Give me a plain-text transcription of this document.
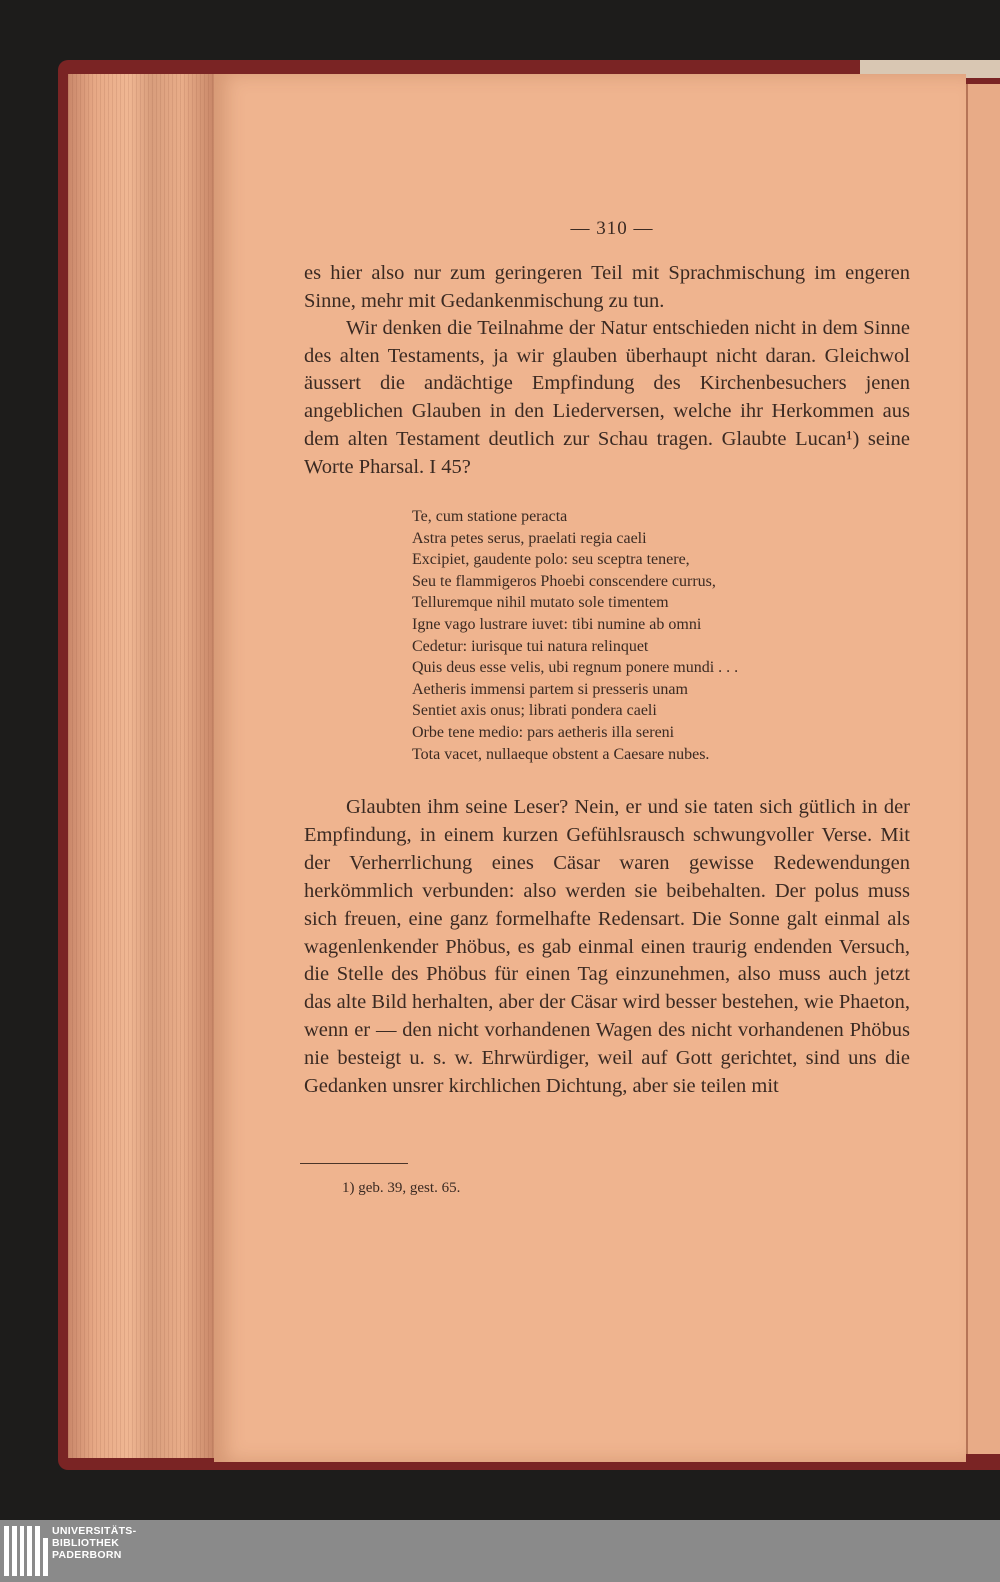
— 310 —

es hier also nur zum geringeren Teil mit Sprachmischung im engeren Sinne, mehr mit Gedankenmischung zu tun.

Wir denken die Teilnahme der Natur entschieden nicht in dem Sinne des alten Testaments, ja wir glauben überhaupt nicht daran. Gleichwol äussert die andächtige Empfindung des Kirchenbesuchers jenen angeblichen Glauben in den Liederversen, welche ihr Herkommen aus dem alten Testament deutlich zur Schau tragen. Glaubte Lucan¹) seine Worte Pharsal. I 45?

Te, cum statione peracta
Astra petes serus, praelati regia caeli
Excipiet, gaudente polo: seu sceptra tenere,
Seu te flammigeros Phoebi conscendere currus,
Telluremque nihil mutato sole timentem
Igne vago lustrare iuvet: tibi numine ab omni
Cedetur: iurisque tui natura relinquet
Quis deus esse velis, ubi regnum ponere mundi . . .
Aetheris immensi partem si presseris unam
Sentiet axis onus; librati pondera caeli
Orbe tene medio: pars aetheris illa sereni
Tota vacet, nullaeque obstent a Caesare nubes.

Glaubten ihm seine Leser? Nein, er und sie taten sich gütlich in der Empfindung, in einem kurzen Gefühlsrausch schwungvoller Verse. Mit der Verherrlichung eines Cäsar waren gewisse Redewendungen herkömmlich verbunden: also werden sie beibehalten. Der polus muss sich freuen, eine ganz formelhafte Redensart. Die Sonne galt einmal als wagenlenkender Phöbus, es gab einmal einen traurig endenden Versuch, die Stelle des Phöbus für einen Tag einzunehmen, also muss auch jetzt das alte Bild herhalten, aber der Cäsar wird besser bestehen, wie Phaeton, wenn er — den nicht vorhandenen Wagen des nicht vorhandenen Phöbus nie besteigt u. s. w. Ehrwürdiger, weil auf Gott gerichtet, sind uns die Gedanken unsrer kirchlichen Dichtung, aber sie teilen mit

1) geb. 39, gest. 65.
UNIVERSITÄTS-
BIBLIOTHEK
PADERBORN
